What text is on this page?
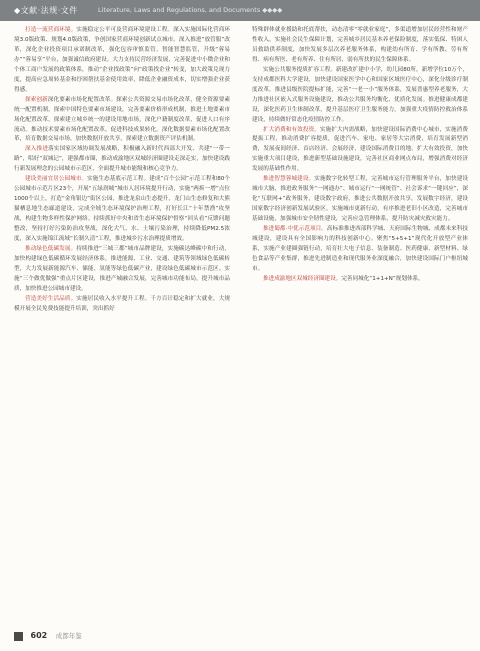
◆文献·法规·文件	Literature, Laws and Regulations, and Documents ◆◆◆◆

打造一流营商环境。实施稳定公平可及营商环境建设工程。深入实施国际化营商环境3.0版政策、规划4.0版政策，争创国家营商环境创新试点城市。深入推进“放管服”改革，深化企业投资项目承诺制改革，强化包容审慎监管，智能智慧监管，升级“蓉易办”“蓉易享”平台，加强诚信政府建设。大力支持民营经济发展，完善促进中小微企业和个体工商户发展的政策体系，推动“企业找政策”向“政策找企业”转变，加大政策兑现力度，提高应急周转基金和纾困帮扶基金使用效率，降低企业融资成本，切实增强企业获得感。

探索创新深化要素市场化配置改革。探索公共资源交易市场化改革，健全资源要素统一配置机制，探索中国特色要素市场建设，完善要素价格形成机制，推进土地要素市场化配置改革，探索建立城乡统一的建设用地市场，深化户籍制度改革，促进人口有序流动。推动技术要素市场化配置改革，促进科技成果转化。深化数据要素市场化配置改革，培育数据交易市场，加快数据开放共享，探索建立数据资产评估机制。

深入推进落实国家区域协调发展战略，积极融入新时代西部大开发、共建“一带一路”，唱好“双城记”，建强都市圈，推动成渝地区双城经济圈建设走深走实，加快建设践行新发展理念的公园城市示范区，全面提升城市能级和核心竞争力。

建设美丽宜居公园城市。实施生态基底示范工程。建成“百个公园”示范工程和80个公园城市示范片区23个，开展“五绿润城”城市人居环境提升行动，实施“两拆一增”点位1000个以上，打造“金角银边”街区公园，推进龙泉山生态提升，龙门山生态修复和大熊猫栖息地生态廊道建设，完成全域生态环境保护治理工程，打好长江“十年禁渔”攻坚战，构建生物多样性保护网络。持续抓好中央和省生态环境保护督察“回头看”反馈问题整改，坚持打好污染防治攻坚战，深化大气、水、土壤污染治理，持续降低PM2.5浓度，深入实施锦江流域“长制久清”工程，推进城乡污水治理提质增效。

推动绿色低碳发展。持续推进“三城三都”城市品牌建设，实施碳达峰碳中和行动，加快构建绿色低碳循环发展经济体系，推进能源、工业、交通、建筑等领域绿色低碳转型，大力发展新能源汽车、储能、氢能等绿色低碳产业，建设绿色低碳城市示范区。实施“三个做优做强”重点片区建设，推进产城融合发展，完善城市功能布局，提升城市品质，加快推进公园城市建设。

营造美好生活品质。实施居民收入水平提升工程。千方百计稳定和扩大就业，大规模开展全民免费技能提升培训，突出抓好

特殊群体就业援助和托底帮扶，动态清零“零就业家庭”，多渠道增加居民经营性和财产性收入。实施社会民生保障计划，完善城乡居民基本养老保险制度，落实低保、特困人员救助供养制度，加快发展多层次养老服务体系，构建幼有所育、学有所教、劳有所得、病有所医、老有所养、住有所居、弱有所扶的民生保障体系。

实施公共服务提质扩容工程。新建改扩建中小学，幼儿园80所，新增学位10万个，支持成都医科大学建设，加快建设国家医学中心和国家区域医疗中心，深化分级诊疗制度改革，推进县级医院提标扩能，完善“一老一小”服务体系，发展普惠型养老服务，大力推进社区嵌入式服务设施建设，推动公共服务均衡化、优质化发展。推进健康成都建设，深化医药卫生体制改革，提升基层医疗卫生服务能力，加强重大疫情防控救治体系建设，持续做好常态化疫情防控工作。

扩大消费和有效投资。实施扩大内需战略，加快建设国际消费中心城市，实施消费提振工程，推动消费扩容提质，促进汽车、家电、家居等大宗消费，培育发展新型消费，发展夜间经济、首店经济、会展经济，建设国际消费目的地。扩大有效投资，加快实施重大项目建设，推进新型基础设施建设，完善社区商业网点布局，增强消费对经济发展的基础性作用。

推进智慧蓉城建设。实施数字化转型工程，完善城市运行管理服务平台，加快建设城市大脑，推进政务服务“一网通办”、城市运行“一网统管”、社会诉求“一键回应”，深化“互联网+”政务服务，建设数字政府，推进公共数据开放共享，发展数字经济，建设国家数字经济创新发展试验区。实施城市更新行动，有序推进老旧小区改造，完善城市基础设施，加强城市安全韧性建设，完善应急管理体系，提升防灾减灾救灾能力。

推进蜀都·中优示范项目。高标准推进西部科学城、天府国际生物城、成都未来科技城建设，建设具有全国影响力的科技创新中心。聚焦“5+5+1”现代化开放型产业体系，实施产业建圈强链行动，培育壮大电子信息、装备制造、医药健康、新型材料、绿色食品等产业集群，推进先进制造业和现代服务业深度融合，加快建设国际门户枢纽城市。

推进成渝地区双城经济圈建设。完善同城化“1+1+N”规划体系，

602 成都年鉴
